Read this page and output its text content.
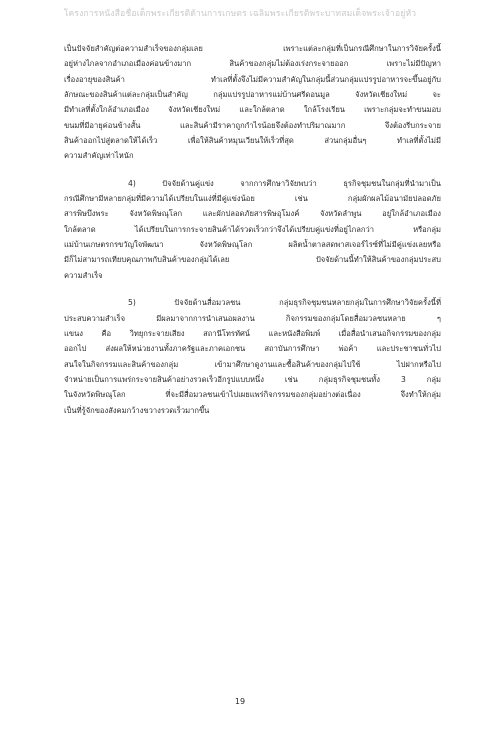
โครงการหนังสือชื่อเด็กพระเกียรติด้านการเกษตร เฉลิมพระเกียรติพระบาทสมเด็จพระเจ้าอยู่หัว
เป็นปัจจัยสำคัญต่อความสำเร็จของกลุ่มเลย เพราะแต่ละกลุ่มที่เป็นกรณีศึกษาในการวิจัยครั้งนี้
อยู่ห่างไกลจากอำเภอเมืองค่อนข้างมาก สินค้าของกลุ่มไม่ต้องเร่งกระจายออก เพราะไม่มีปัญหา
เรื่องอายุของสินค้า ทำเลที่ตั้งจึงไม่มีความสำคัญในกลุ่มนี้ส่วนกลุ่มแปรรูปอาหารจะขึ้นอยู่กับ
ลักษณะของสินค้าแต่ละกลุ่มเป็นสำคัญ กลุ่มแปรรูปอาหารแม่บ้านศรีดอนมูล จังหวัดเชียงใหม่ จะ
มีทำเลที่ตั้งใกล้อำเภอเมือง จังหวัดเชียงใหม่ และใกล้ตลาด ใกล้โรงเรียน เพราะกลุ่มจะทำขนมอบ
ขนมที่มีอายุค่อนข้างสั้น และสินค้ามีราคาถูกกำไรน้อยจึงต้องทำปริมาณมาก จึงต้องรีบกระจาย
สินค้าออกไปสู่ตลาดให้ได้เร็ว เพื่อให้สินค้าหมุนเวียนให้เร็วที่สุด ส่วนกลุ่มอื่นๆ ทำเลที่ตั้งไม่มี
ความสำคัญเท่าไหนัก
4) ปัจจัยด้านคู่แข่ง จากการศึกษาวิจัยพบว่า ธุรกิจชุมชนในกลุ่มที่นำมาเป็น
กรณีศึกษามีหลายกลุ่มที่มีความได้เปรียบในแง่ที่มีคู่แข่งน้อย เช่น กลุ่มผักผลไม้อนามัยปลอดภัย
สารพิษบึงพระ จังหวัดพิษณุโลก และผักปลอดภัยสารพิษอุโมงค์ จังหวัดลำพูน อยู่ใกล้อำเภอเมือง
ใกล้ตลาด ได้เปรียบในการกระจายสินค้าได้รวดเร็วกว่าจึงได้เปรียบคู่แข่งที่อยู่ไกลกว่า หรือกลุ่ม
แม่บ้านเกษตรกรขวัญใจพัฒนา จังหวัดพิษณุโลก ผลิตน้ำตาลสดพาสเจอร์ไรซ์ที่ไม่มีคู่แข่งเลยหรือ
มีก็ไม่สามารถเทียบคุณภาพกับสินค้าของกลุ่มได้เลย ปัจจัยด้านนี้ทำให้สินค้าของกลุ่มประสบ
ความสำเร็จ
5) ปัจจัยด้านสื่อมวลชน กลุ่มธุรกิจชุมชนหลายกลุ่มในการศึกษาวิจัยครั้งนี้ที่
ประสบความสำเร็จ มีผลมาจากการนำเสนอผลงาน กิจกรรมของกลุ่มโดยสื่อมวลชนหลาย ๆ
แขนง คือ วิทยุกระจายเสียง สถานีโทรทัศน์ และหนังสือพิมพ์ เมื่อสื่อนำเสนอกิจกรรมของกลุ่ม
ออกไป ส่งผลให้หน่วยงานทั้งภาครัฐและภาคเอกชน สถาบันการศึกษา พ่อค้า และประชาชนทั่วไป
สนใจในกิจกรรมและสินค้าของกลุ่ม เข้ามาศึกษาดูงานและซื้อสินค้าของกลุ่มไปใช้ ไปฝากหรือไป
จำหน่ายเป็นการแพร่กระจายสินค้าอย่างรวดเร็วอีกรูปแบบหนึ่ง เช่น กลุ่มธุรกิจชุมชนทั้ง 3 กลุ่ม
ในจังหวัดพิษณุโลก ที่จะมีสื่อมวลชนเข้าไปเผยแพร่กิจกรรมของกลุ่มอย่างต่อเนื่อง จึงทำให้กลุ่ม
เป็นที่รู้จักของสังคมกว้างขวางรวดเร็วมากขึ้น
19
